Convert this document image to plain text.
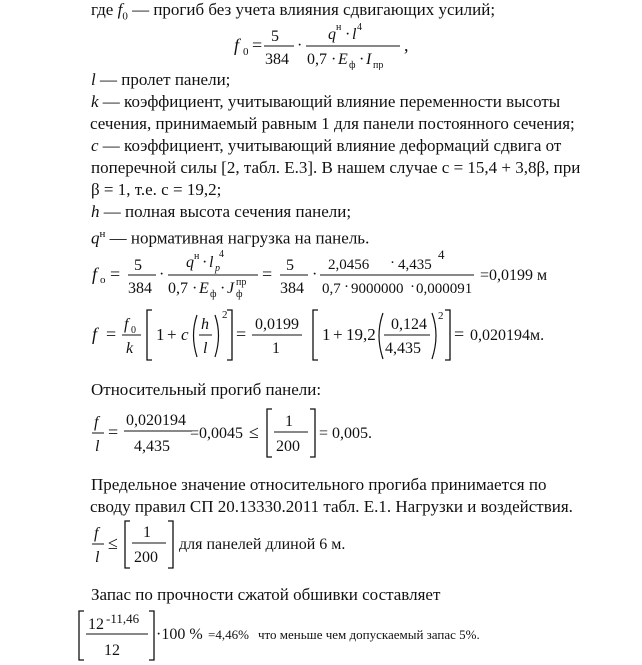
где $f_0$ — прогиб без учета влияния сдвигающих усилий;
f 0 = 5
384
·
q н · l 4
0,7 · E ф · I пр
,
l — пролет панели;
k — коэффициент, учитывающий влияние переменности высоты
сечения, принимаемый равным 1 для панели постоянного сечения;
c — коэффициент, учитывающий влияние деформаций сдвига от
поперечной силы [2, табл. Е.3]. В нашем случае c = 15,4 + 3,8β, при
β = 1, т.е. c = 19,2;
h — полная высота сечения панели;
$q^н$ — нормативная нагрузка на панель.
f o = 5
384
·
q н · l p
4
0,7 · E ф · J ф
пр = 5
384
·
2,0456 · 4,435
4
0,7 · 9000000 · 0,000091
=0,0199 м
f = f 0
k
1 + c
h
l
2
= 0,0199
1
1 + 19,2
0,124
4,435
2
= 0,020194м.
Относительный прогиб панели:
f
l
=
0,020194
4,435
=0,0045 ≤
1
200
= 0,005.
Предельное значение относительного прогиба принимается по
своду правил СП 20.13330.2011 табл. Е.1. Нагрузки и воздействия.
f
l
≤
1
200
для панелей длиной 6 м.
Запас по прочности сжатой обшивки составляет
12 -11,46
12
·100 % =4,46% что меньше чем допускаемый запас 5%.
